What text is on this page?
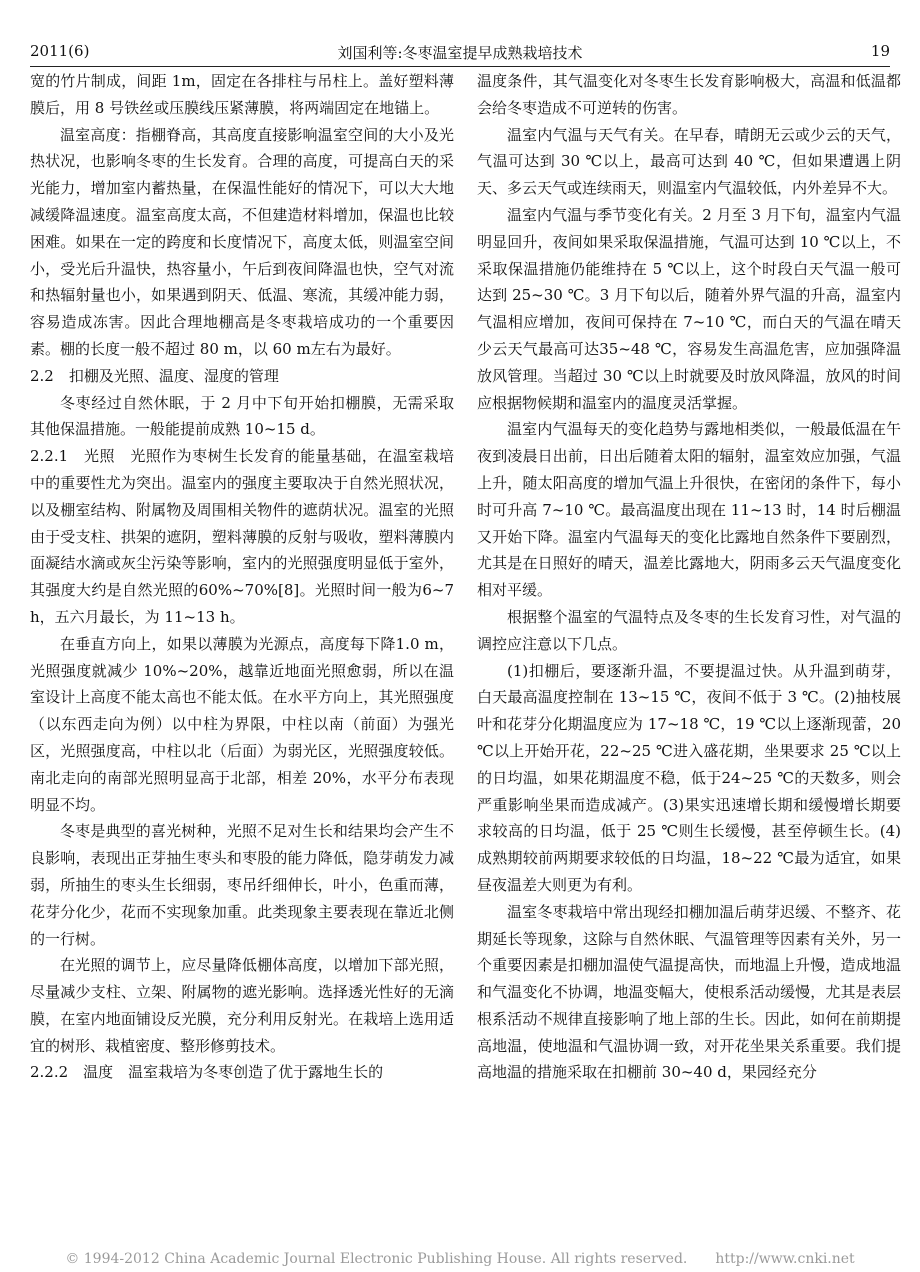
2011(6)	刘国利等:冬枣温室提早成熟栽培技术	19

宽的竹片制成，间距 1m，固定在各排柱与吊柱上。盖好塑料薄膜后，用 8 号铁丝或压膜线压紧薄膜，将两端固定在地锚上。

温室高度：指棚脊高，其高度直接影响温室空间的大小及光热状况，也影响冬枣的生长发育。合理的高度，可提高白天的采光能力，增加室内蓄热量，在保温性能好的情况下，可以大大地减缓降温速度。温室高度太高，不但建造材料增加，保温也比较困难。如果在一定的跨度和长度情况下，高度太低，则温室空间小，受光后升温快，热容量小，午后到夜间降温也快，空气对流和热辐射量也小，如果遇到阴天、低温、寒流，其缓冲能力弱，容易造成冻害。因此合理地棚高是冬枣栽培成功的一个重要因素。棚的长度一般不超过 80 m，以 60 m左右为最好。

2.2　扣棚及光照、温度、湿度的管理

冬枣经过自然休眠，于 2 月中下旬开始扣棚膜，无需采取其他保温措施。一般能提前成熟 10~15 d。

2.2.1　光照　光照作为枣树生长发育的能量基础，在温室栽培中的重要性尤为突出。温室内的强度主要取决于自然光照状况，以及棚室结构、附属物及周围相关物件的遮荫状况。温室的光照由于受支柱、拱架的遮阴，塑料薄膜的反射与吸收，塑料薄膜内面凝结水滴或灰尘污染等影响，室内的光照强度明显低于室外，其强度大约是自然光照的60%~70%[8]。光照时间一般为6~7 h，五六月最长，为 11~13 h。

在垂直方向上，如果以薄膜为光源点，高度每下降1.0 m，光照强度就减少 10%~20%，越靠近地面光照愈弱，所以在温室设计上高度不能太高也不能太低。在水平方向上，其光照强度（以东西走向为例）以中柱为界限，中柱以南（前面）为强光区，光照强度高，中柱以北（后面）为弱光区，光照强度较低。南北走向的南部光照明显高于北部，相差 20%，水平分布表现明显不均。

冬枣是典型的喜光树种，光照不足对生长和结果均会产生不良影响，表现出正芽抽生枣头和枣股的能力降低，隐芽萌发力减弱，所抽生的枣头生长细弱，枣吊纤细伸长，叶小，色重而薄，花芽分化少，花而不实现象加重。此类现象主要表现在靠近北侧的一行树。

在光照的调节上，应尽量降低棚体高度，以增加下部光照，尽量减少支柱、立架、附属物的遮光影响。选择透光性好的无滴膜，在室内地面铺设反光膜，充分利用反射光。在栽培上选用适宜的树形、栽植密度、整形修剪技术。

2.2.2　温度　温室栽培为冬枣创造了优于露地生长的

温度条件，其气温变化对冬枣生长发育影响极大，高温和低温都会给冬枣造成不可逆转的伤害。

温室内气温与天气有关。在早春，晴朗无云或少云的天气，气温可达到 30 ℃以上，最高可达到 40 ℃，但如果遭遇上阴天、多云天气或连续雨天，则温室内气温较低，内外差异不大。

温室内气温与季节变化有关。2 月至 3 月下旬，温室内气温明显回升，夜间如果采取保温措施，气温可达到 10 ℃以上，不采取保温措施仍能维持在 5 ℃以上，这个时段白天气温一般可达到 25~30 ℃。3 月下旬以后，随着外界气温的升高，温室内气温相应增加，夜间可保持在 7~10 ℃，而白天的气温在晴天少云天气最高可达35~48 ℃，容易发生高温危害，应加强降温放风管理。当超过 30 ℃以上时就要及时放风降温，放风的时间应根据物候期和温室内的温度灵活掌握。

温室内气温每天的变化趋势与露地相类似，一般最低温在午夜到凌晨日出前，日出后随着太阳的辐射，温室效应加强，气温上升，随太阳高度的增加气温上升很快，在密闭的条件下，每小时可升高 7~10 ℃。最高温度出现在 11~13 时，14 时后棚温又开始下降。温室内气温每天的变化比露地自然条件下要剧烈，尤其是在日照好的晴天，温差比露地大，阴雨多云天气温度变化相对平缓。

根据整个温室的气温特点及冬枣的生长发育习性，对气温的调控应注意以下几点。

(1)扣棚后，要逐渐升温，不要提温过快。从升温到萌芽，白天最高温度控制在 13~15 ℃，夜间不低于 3 ℃。(2)抽枝展叶和花芽分化期温度应为 17~18 ℃，19 ℃以上逐渐现蕾，20 ℃以上开始开花，22~25 ℃进入盛花期，坐果要求 25 ℃以上的日均温，如果花期温度不稳，低于24~25 ℃的天数多，则会严重影响坐果而造成减产。(3)果实迅速增长期和缓慢增长期要求较高的日均温，低于 25 ℃则生长缓慢，甚至停顿生长。(4)成熟期较前两期要求较低的日均温，18~22 ℃最为适宜，如果昼夜温差大则更为有利。

温室冬枣栽培中常出现经扣棚加温后萌芽迟缓、不整齐、花期延长等现象，这除与自然休眠、气温管理等因素有关外，另一个重要因素是扣棚加温使气温提高快，而地温上升慢，造成地温和气温变化不协调，地温变幅大，使根系活动缓慢，尤其是表层根系活动不规律直接影响了地上部的生长。因此，如何在前期提高地温，使地温和气温协调一致，对开花坐果关系重要。我们提高地温的措施采取在扣棚前 30~40 d，果园经充分

© 1994-2012 China Academic Journal Electronic Publishing House. All rights reserved.　　http://www.cnki.net
